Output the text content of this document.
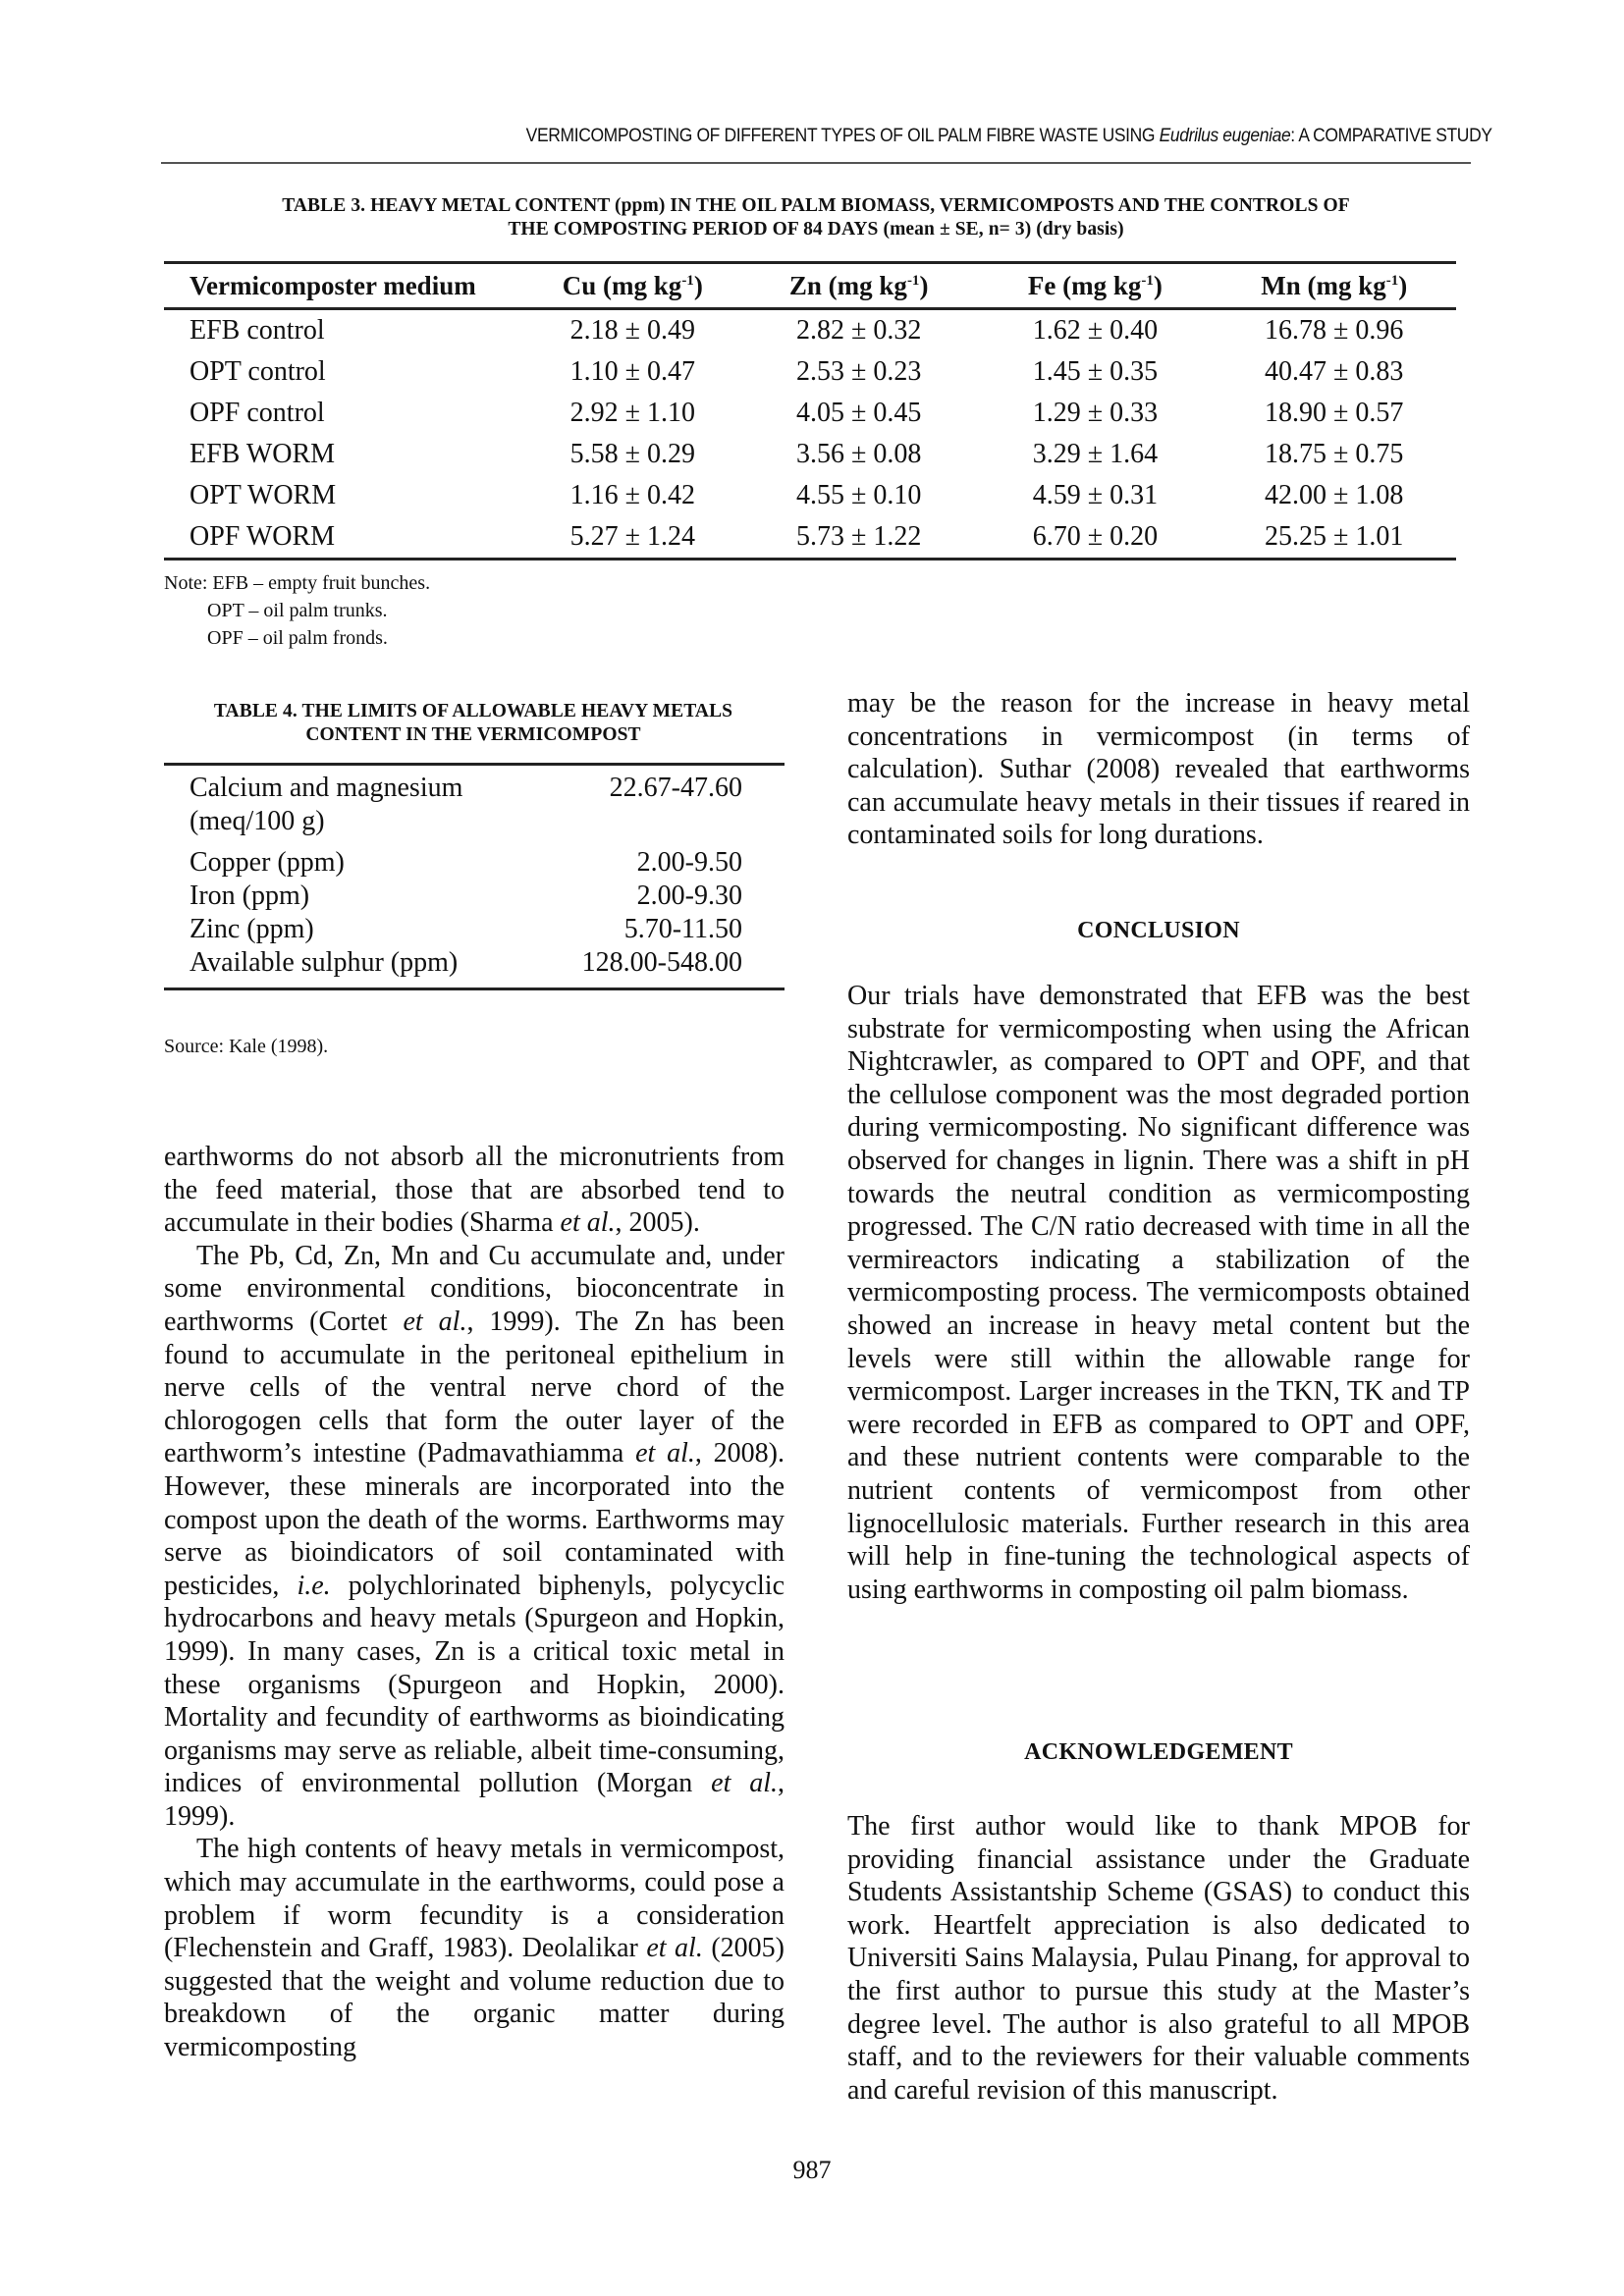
VERMICOMPOSTING OF DIFFERENT TYPES OF OIL PALM FIBRE WASTE USING Eudrilus eugeniae: A COMPARATIVE STUDY
TABLE 3. HEAVY METAL CONTENT (ppm) IN THE OIL PALM BIOMASS, VERMICOMPOSTS AND THE CONTROLS OF
THE COMPOSTING PERIOD OF 84 DAYS (mean ± SE, n= 3) (dry basis)
Vermicomposter medium	Cu (mg $kg^{-1}$)	Zn (mg $kg^{-1}$)	Fe (mg $kg^{-1}$)	Mn (mg $kg^{-1}$)
EFB control	2.18 ± 0.49	2.82 ± 0.32	1.62 ± 0.40	16.78 ± 0.96
OPT control	1.10 ± 0.47	2.53 ± 0.23	1.45 ± 0.35	40.47 ± 0.83
OPF control	2.92 ± 1.10	4.05 ± 0.45	1.29 ± 0.33	18.90 ± 0.57
EFB WORM	5.58 ± 0.29	3.56 ± 0.08	3.29 ± 1.64	18.75 ± 0.75
OPT WORM	1.16 ± 0.42	4.55 ± 0.10	4.59 ± 0.31	42.00 ± 1.08
OPF WORM	5.27 ± 1.24	5.73 ± 1.22	6.70 ± 0.20	25.25 ± 1.01
Note: EFB – empty fruit bunches.
OPT – oil palm trunks.
OPF – oil palm fronds.
TABLE 4. THE LIMITS OF ALLOWABLE HEAVY METALS
CONTENT IN THE VERMICOMPOST
Calcium and magnesium
(meq/100 g)	22.67-47.60
Copper (ppm)	2.00-9.50
Iron (ppm)	2.00-9.30
Zinc (ppm)	5.70-11.50
Available sulphur (ppm)	128.00-548.00
Source: Kale (1998).

earthworms do not absorb all the micronutrients from the feed material, those that are absorbed tend to accumulate in their bodies (Sharma et al., 2005).

The Pb, Cd, Zn, Mn and Cu accumulate and, under some environmental conditions, bioconcentrate in earthworms (Cortet et al., 1999). The Zn has been found to accumulate in the peritoneal epithelium in nerve cells of the ventral nerve chord of the chlorogogen cells that form the outer layer of the earthworm’s intestine (Padmavathiamma et al., 2008). However, these minerals are incorporated into the compost upon the death of the worms. Earthworms may serve as bioindicators of soil contaminated with pesticides, i.e. polychlorinated biphenyls, polycyclic hydrocarbons and heavy metals (Spurgeon and Hopkin, 1999). In many cases, Zn is a critical toxic metal in these organisms (Spurgeon and Hopkin, 2000). Mortality and fecundity of earthworms as bioindicating organisms may serve as reliable, albeit time-consuming, indices of environmental pollution (Morgan et al., 1999).

The high contents of heavy metals in vermicompost, which may accumulate in the earthworms, could pose a problem if worm fecundity is a consideration (Flechenstein and Graff, 1983). Deolalikar et al. (2005) suggested that the weight and volume reduction due to breakdown of the organic matter during vermicomposting

may be the reason for the increase in heavy metal concentrations in vermicompost (in terms of calculation). Suthar (2008) revealed that earthworms can accumulate heavy metals in their tissues if reared in contaminated soils for long durations.

CONCLUSION

Our trials have demonstrated that EFB was the best substrate for vermicomposting when using the African Nightcrawler, as compared to OPT and OPF, and that the cellulose component was the most degraded portion during vermicomposting. No significant difference was observed for changes in lignin. There was a shift in pH towards the neutral condition as vermicomposting progressed. The C/N ratio decreased with time in all the vermireactors indicating a stabilization of the vermicomposting process. The vermicomposts obtained showed an increase in heavy metal content but the levels were still within the allowable range for vermicompost. Larger increases in the TKN, TK and TP were recorded in EFB as compared to OPT and OPF, and these nutrient contents were comparable to the nutrient contents of vermicompost from other lignocellulosic materials. Further research in this area will help in fine-tuning the technological aspects of using earthworms in composting oil palm biomass.

ACKNOWLEDGEMENT

The first author would like to thank MPOB for providing financial assistance under the Graduate Students Assistantship Scheme (GSAS) to conduct this work. Heartfelt appreciation is also dedicated to Universiti Sains Malaysia, Pulau Pinang, for approval to the first author to pursue this study at the Master’s degree level. The author is also grateful to all MPOB staff, and to the reviewers for their valuable comments and careful revision of this manuscript.

987
